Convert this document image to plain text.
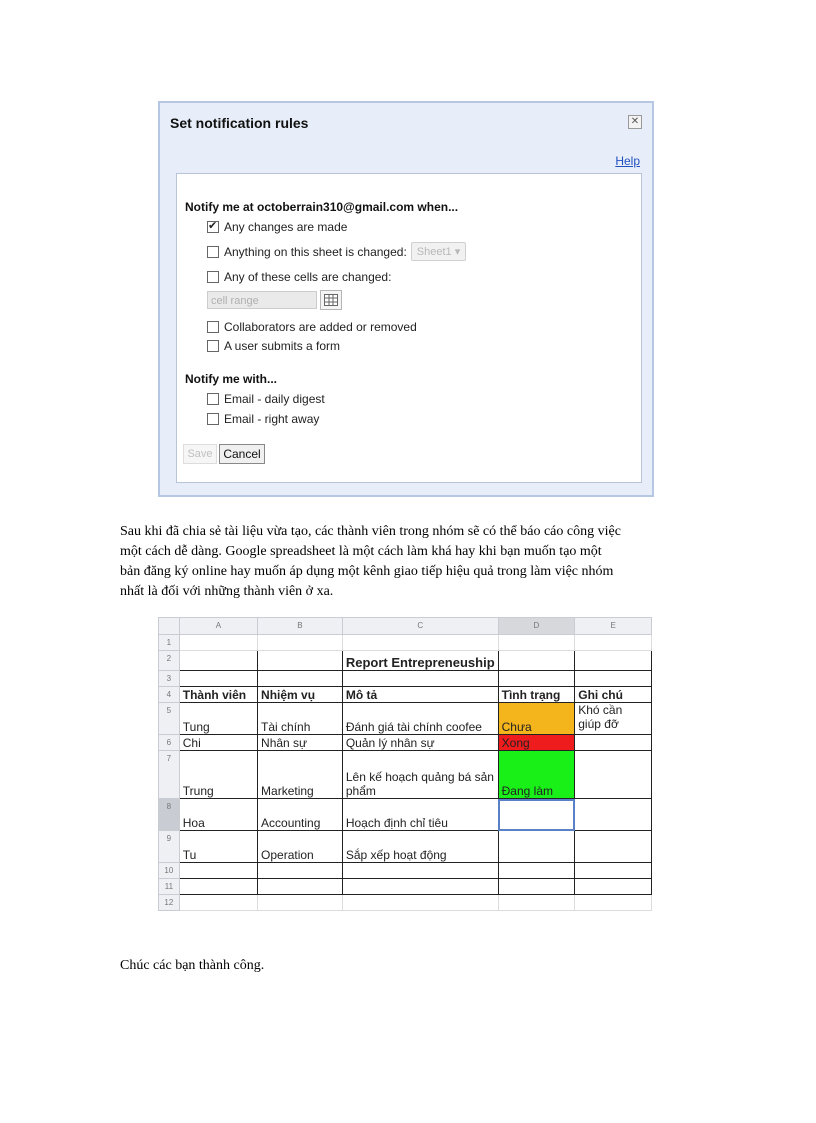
Set notification rules	✕
Help
Notify me at octoberrain310@gmail.com when...
✔
Any changes are made
Anything on this sheet is changed: Sheet1 ▾
Any of these cells are changed:
cell range
Collaborators are added or removed
A user submits a form
Notify me with...
Email - daily digest
Email - right away
Save Cancel
Sau khi đã chia sẻ tài liệu vừa tạo, các thành viên trong nhóm sẽ có thể báo cáo công việc
một cách dễ dàng. Google spreadsheet là một cách làm khá hay khi bạn muốn tạo một
bản đăng ký online hay muốn áp dụng một kênh giao tiếp hiệu quả trong làm việc nhóm
nhất là đối với những thành viên ở xa.
	A	B	C	D	E
1					
2			Report Entrepreneuship		
3					
4	Thành viên	Nhiệm vụ	Mô tả	Tình trạng	Ghi chú
5	Tung	Tài chính	Đánh giá tài chính coofee	Chưa	Khó cần giúp đỡ
6	Chi	Nhân sự	Quản lý nhân sự	Xong	
7	Trung	Marketing	Lên kế hoạch quảng bá sản phẩm	Đang làm	
8	Hoa	Accounting	Hoạch định chỉ tiêu		
9	Tu	Operation	Sắp xếp hoạt động		
10					
11					
12					
Chúc các bạn thành công.
